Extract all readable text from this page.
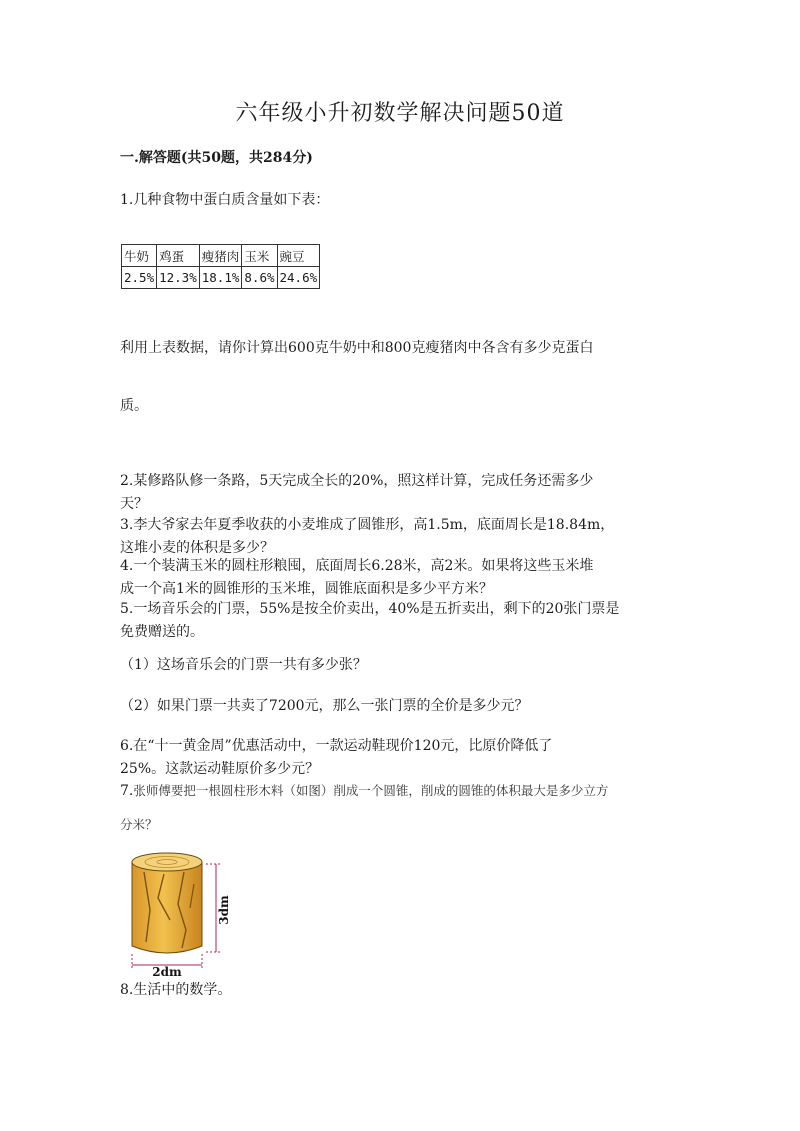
六年级小升初数学解决问题50道
一.解答题(共50题，共284分)
1.几种食物中蛋白质含量如下表：
牛奶	鸡蛋	瘦猪肉	玉米	豌豆
2.5%	12.3%	18.1%	8.6%	24.6%
利用上表数据，请你计算出600克牛奶中和800克瘦猪肉中各含有多少克蛋白
质。
2.某修路队修一条路，5天完成全长的20%，照这样计算，完成任务还需多少
天？
3.李大爷家去年夏季收获的小麦堆成了圆锥形，高1.5m，底面周长是18.84m，
这堆小麦的体积是多少？
4.一个装满玉米的圆柱形粮囤，底面周长6.28米，高2米。如果将这些玉米堆
成一个高1米的圆锥形的玉米堆，圆锥底面积是多少平方米？
5.一场音乐会的门票，55%是按全价卖出，40%是五折卖出，剩下的20张门票是
免费赠送的。
（1）这场音乐会的门票一共有多少张？
（2）如果门票一共卖了7200元，那么一张门票的全价是多少元？
6.在“十一黄金周”优惠活动中，一款运动鞋现价120元，比原价降低了
25%。这款运动鞋原价多少元？
7.张师傅要把一根圆柱形木料（如图）削成一个圆锥，削成的圆锥的体积最大是多少立方
分米？
3dm
2dm
8.生活中的数学。
